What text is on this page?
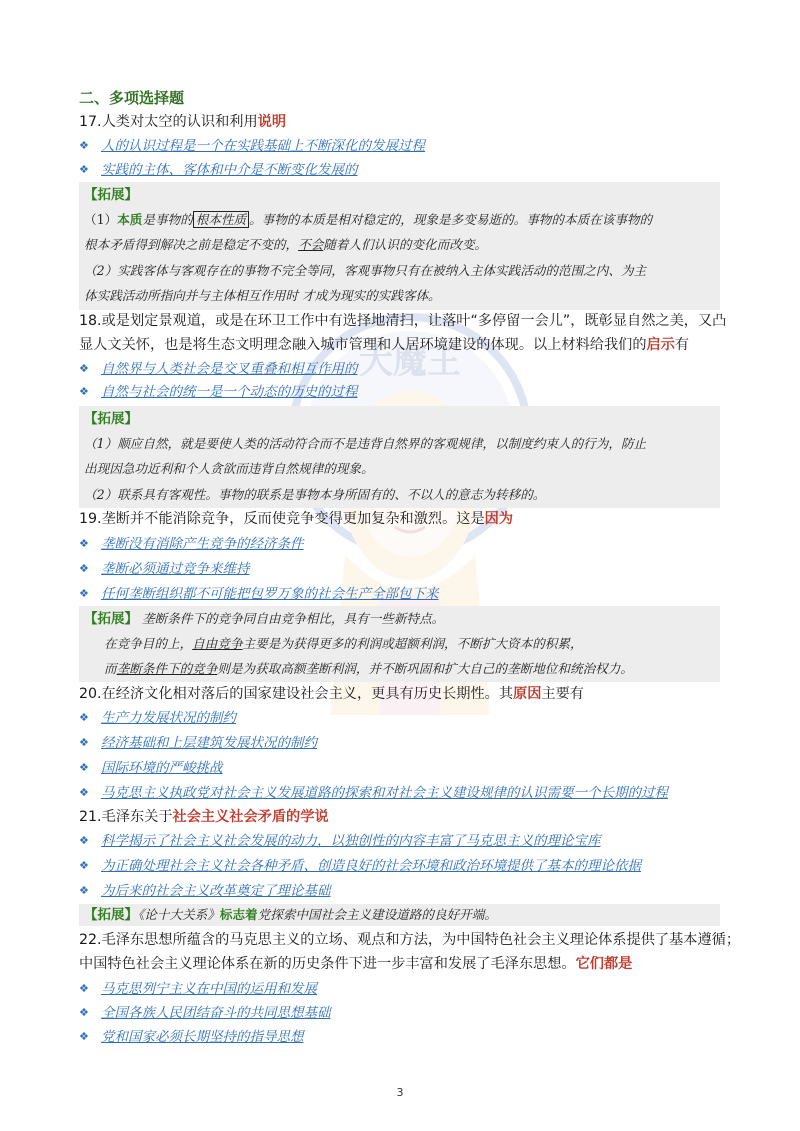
大魔王
二、多项选择题
17.人类对太空的认识和利用说明
❖ 人的认识过程是一个在实践基础上不断深化的发展过程
❖ 实践的主体、客体和中介是不断变化发展的
【拓展】
（1）本质是事物的 根本性质 。事物的本质是相对稳定的，现象是多变易逝的。事物的本质在该事物的
根本矛盾得到解决之前是稳定不变的，不会随着人们认识的变化而改变。
（2）实践客体与客观存在的事物不完全等同，客观事物只有在被纳入主体实践活动的范围之内、为主
体实践活动所指向并与主体相互作用时 才成为现实的实践客体。
18.或是划定景观道，或是在环卫工作中有选择地清扫，让落叶“多停留一会儿”，既彰显自然之美，又凸
显人文关怀，也是将生态文明理念融入城市管理和人居环境建设的体现。以上材料给我们的启示有
❖ 自然界与人类社会是交叉重叠和相互作用的
❖ 自然与社会的统一是一个动态的历史的过程
【拓展】
（1）顺应自然，就是要使人类的活动符合而不是违背自然界的客观规律，以制度约束人的行为，防止
出现因急功近利和个人贪欲而违背自然规律的现象。
（2）联系具有客观性。事物的联系是事物本身所固有的、不以人的意志为转移的。
19.垄断并不能消除竞争，反而使竞争变得更加复杂和激烈。这是因为
❖ 垄断没有消除产生竞争的经济条件
❖ 垄断必须通过竞争来维持
❖ 任何垄断组织都不可能把包罗万象的社会生产全部包下来
【拓展】 垄断条件下的竞争同自由竞争相比，具有一些新特点。
在竞争目的上，自由竞争主要是为获得更多的利润或超额利润，不断扩大资本的积累，
而垄断条件下的竞争则是为获取高额垄断利润，并不断巩固和扩大自己的垄断地位和统治权力。
20.在经济文化相对落后的国家建设社会主义，更具有历史长期性。其原因主要有
❖ 生产力发展状况的制约
❖ 经济基础和上层建筑发展状况的制约
❖ 国际环境的严峻挑战
❖ 马克思主义执政党对社会主义发展道路的探索和对社会主义建设规律的认识需要一个长期的过程
21.毛泽东关于社会主义社会矛盾的学说
❖ 科学揭示了社会主义社会发展的动力，以独创性的内容丰富了马克思主义的理论宝库
❖ 为正确处理社会主义社会各种矛盾、创造良好的社会环境和政治环境提供了基本的理论依据
❖ 为后来的社会主义改革奠定了理论基础
【拓展】《论十大关系》标志着党探索中国社会主义建设道路的良好开端。
22.毛泽东思想所蕴含的马克思主义的立场、观点和方法，为中国特色社会主义理论体系提供了基本遵循；
中国特色社会主义理论体系在新的历史条件下进一步丰富和发展了毛泽东思想。它们都是
❖ 马克思列宁主义在中国的运用和发展
❖ 全国各族人民团结奋斗的共同思想基础
❖ 党和国家必须长期坚持的指导思想
3
